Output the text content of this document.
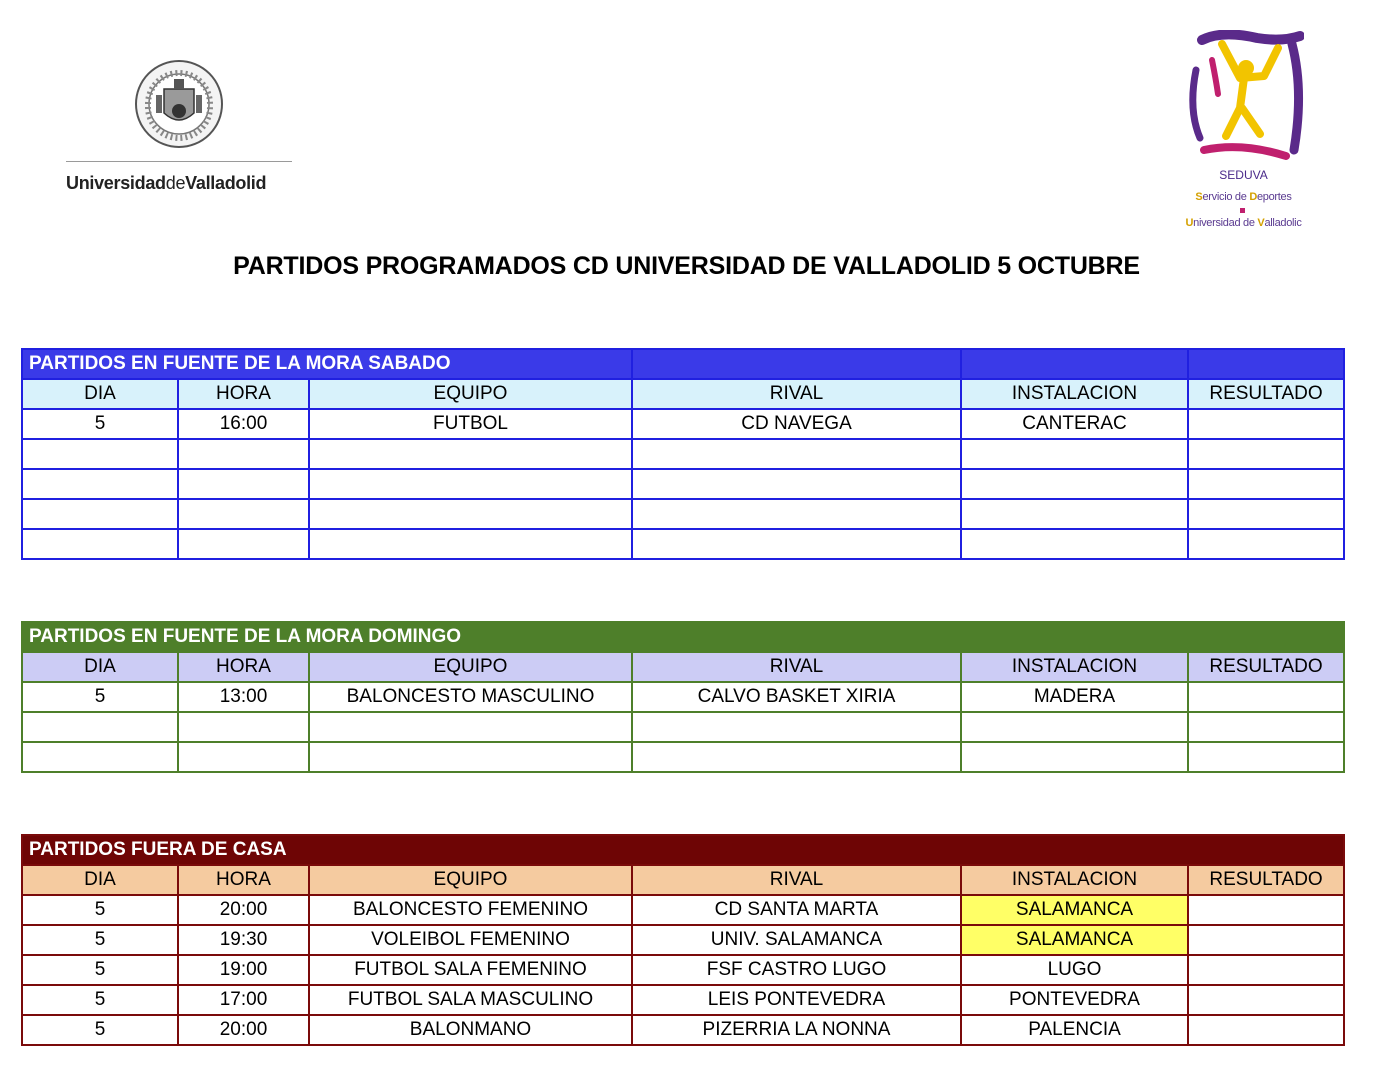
UniversidaddeValladolid	SEDUVA
Servicio de Deportes
Universidad de Valladolic
PARTIDOS PROGRAMADOS CD UNIVERSIDAD DE VALLADOLID 5 OCTUBRE
PARTIDOS EN FUENTE DE LA MORA SABADO					
DIA	HORA	EQUIPO	RIVAL	INSTALACION	RESULTADO
5	16:00	FUTBOL	CD NAVEGA	CANTERAC	

PARTIDOS EN FUENTE DE LA MORA DOMINGO					
DIA	HORA	EQUIPO	RIVAL	INSTALACION	RESULTADO
5	13:00	BALONCESTO MASCULINO	CALVO BASKET XIRIA	MADERA	

PARTIDOS FUERA DE CASA					
DIA	HORA	EQUIPO	RIVAL	INSTALACION	RESULTADO
5	20:00	BALONCESTO FEMENINO	CD SANTA MARTA	SALAMANCA	
5	19:30	VOLEIBOL FEMENINO	UNIV. SALAMANCA	SALAMANCA	
5	19:00	FUTBOL SALA FEMENINO	FSF CASTRO LUGO	LUGO	
5	17:00	FUTBOL SALA MASCULINO	LEIS PONTEVEDRA	PONTEVEDRA	
5	20:00	BALONMANO	PIZERRIA LA NONNA	PALENCIA	
